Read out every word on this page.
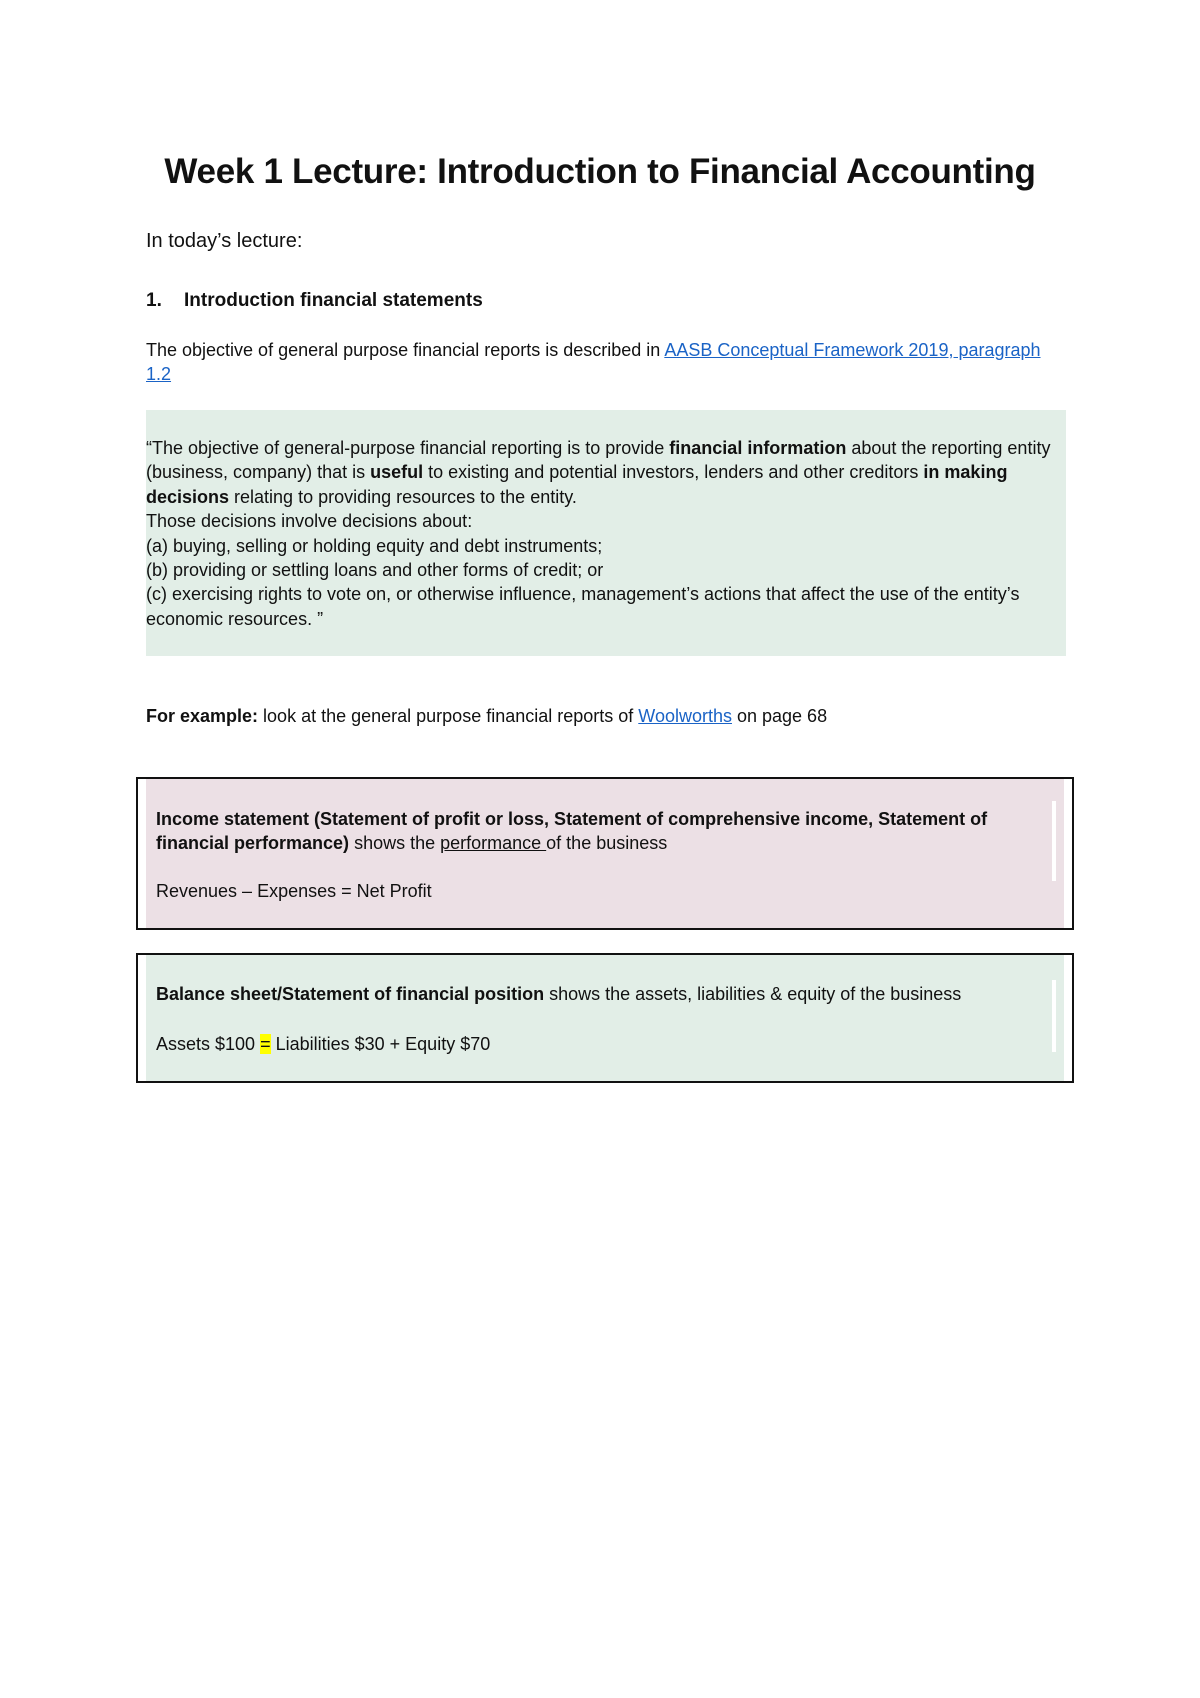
Week 1 Lecture: Introduction to Financial Accounting

In today’s lecture:

1. Introduction financial statements

The objective of general purpose financial reports is described in AASB Conceptual Framework 2019, paragraph 1.2

“The objective of general-purpose financial reporting is to provide financial information about the reporting entity (business, company) that is useful to existing and potential investors, lenders and other creditors in making decisions relating to providing resources to the entity.

Those decisions involve decisions about:

(a) buying, selling or holding equity and debt instruments;

(b) providing or settling loans and other forms of credit; or

(c) exercising rights to vote on, or otherwise influence, management’s actions that affect the use of the entity’s economic resources. ”

For example: look at the general purpose financial reports of Woolworths on page 68

Income statement (Statement of profit or loss, Statement of comprehensive income, Statement of financial performance) shows the performance of the business

Revenues – Expenses = Net Profit

Balance sheet/Statement of financial position shows the assets, liabilities & equity of the business

Assets $100 = Liabilities $30 + Equity $70
